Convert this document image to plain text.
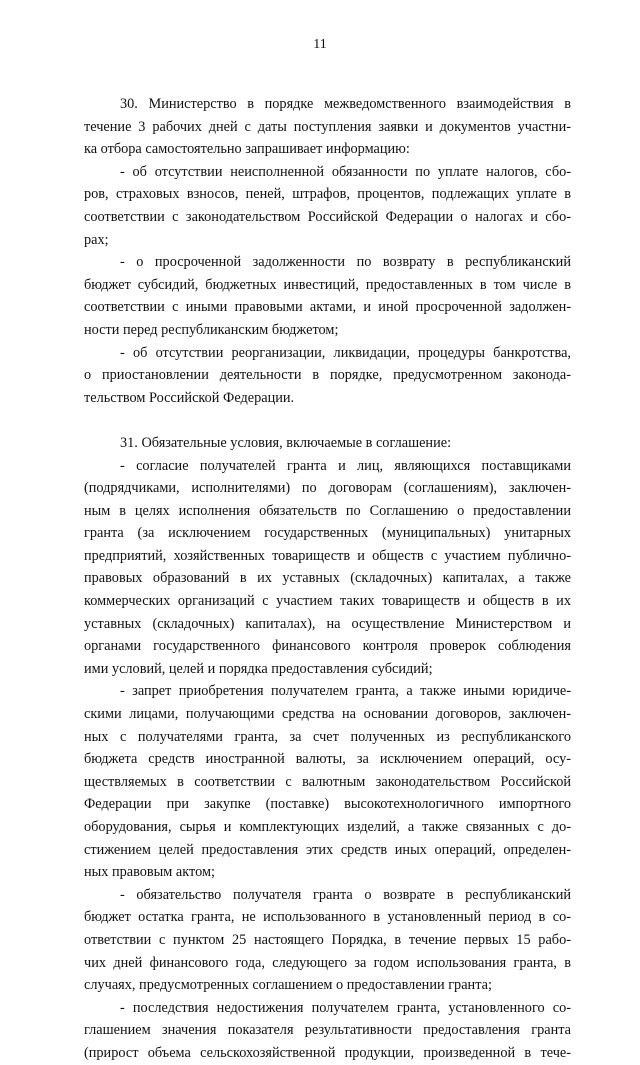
11
30. Министерство в порядке межведомственного взаимодействия в
течение 3 рабочих дней с даты поступления заявки и документов участни-
ка отбора самостоятельно запрашивает информацию:
- об отсутствии неисполненной обязанности по уплате налогов, сбо-
ров, страховых взносов, пеней, штрафов, процентов, подлежащих уплате в
соответствии с законодательством Российской Федерации о налогах и сбо-
рах;
- о просроченной задолженности по возврату в республиканский
бюджет субсидий, бюджетных инвестиций, предоставленных в том числе в
соответствии с иными правовыми актами, и иной просроченной задолжен-
ности перед республиканским бюджетом;
- об отсутствии реорганизации, ликвидации, процедуры банкротства,
о приостановлении деятельности в порядке, предусмотренном законода-
тельством Российской Федерации.
31. Обязательные условия, включаемые в соглашение:
- согласие получателей гранта и лиц, являющихся поставщиками
(подрядчиками, исполнителями) по договорам (соглашениям), заключен-
ным в целях исполнения обязательств по Соглашению о предоставлении
гранта (за исключением государственных (муниципальных) унитарных
предприятий, хозяйственных товариществ и обществ с участием публично-
правовых образований в их уставных (складочных) капиталах, а также
коммерческих организаций с участием таких товариществ и обществ в их
уставных (складочных) капиталах), на осуществление Министерством и
органами государственного финансового контроля проверок соблюдения
ими условий, целей и порядка предоставления субсидий;
- запрет приобретения получателем гранта, а также иными юридиче-
скими лицами, получающими средства на основании договоров, заключен-
ных с получателями гранта, за счет полученных из республиканского
бюджета средств иностранной валюты, за исключением операций, осу-
ществляемых в соответствии с валютным законодательством Российской
Федерации при закупке (поставке) высокотехнологичного импортного
оборудования, сырья и комплектующих изделий, а также связанных с до-
стижением целей предоставления этих средств иных операций, определен-
ных правовым актом;
- обязательство получателя гранта о возврате в республиканский
бюджет остатка гранта, не использованного в установленный период в со-
ответствии с пунктом 25 настоящего Порядка, в течение первых 15 рабо-
чих дней финансового года, следующего за годом использования гранта, в
случаях, предусмотренных соглашением о предоставлении гранта;
- последствия недостижения получателем гранта, установленного со-
глашением значения показателя результативности предоставления гранта
(прирост объема сельскохозяйственной продукции, произведенной в тече-
